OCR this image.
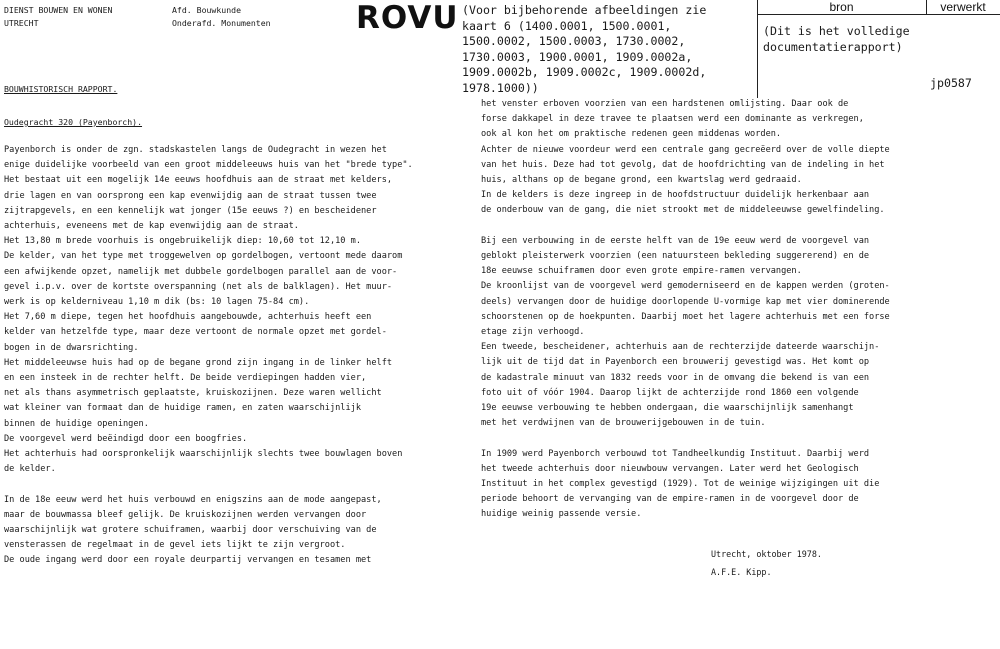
DIENST BOUWEN EN WONEN
UTRECHT
Afd. Bouwkunde
Onderafd. Monumenten	ROVU (Voor bijbehorende afbeeldingen zie
kaart 6 (1400.0001, 1500.0001,
1500.0002, 1500.0003, 1730.0002,
1730.0003, 1900.0001, 1909.0002a,
1909.0002b, 1909.0002c, 1909.0002d,
1978.1000))
bron	verwerkt
(Dit is het volledige
documentatierapport)
jp0587
BOUWHISTORISCH RAPPORT.
Oudegracht 320 (Payenborch).

Payenborch is onder de zgn. stadskastelen langs de Oudegracht in wezen het

enige duidelijke voorbeeld van een groot middeleeuws huis van het "brede type".

Het bestaat uit een mogelijk 14e eeuws hoofdhuis aan de straat met kelders,

drie lagen en van oorsprong een kap evenwijdig aan de straat tussen twee

zijtrapgevels, en een kennelijk wat jonger (15e eeuws ?) en bescheidener

achterhuis, eveneens met de kap evenwijdig aan de straat.

Het 13,80 m brede voorhuis is ongebruikelijk diep: 10,60 tot 12,10 m.

De kelder, van het type met troggewelven op gordelbogen, vertoont mede daarom

een afwijkende opzet, namelijk met dubbele gordelbogen parallel aan de voor-

gevel i.p.v. over de kortste overspanning (net als de balklagen). Het muur-

werk is op kelderniveau 1,10 m dik (bs: 10 lagen 75-84 cm).

Het 7,60 m diepe, tegen het hoofdhuis aangebouwde, achterhuis heeft een

kelder van hetzelfde type, maar deze vertoont de normale opzet met gordel-

bogen in de dwarsrichting.

Het middeleeuwse huis had op de begane grond zijn ingang in de linker helft

en een insteek in de rechter helft. De beide verdiepingen hadden vier,

net als thans asymmetrisch geplaatste, kruiskozijnen. Deze waren wellicht

wat kleiner van formaat dan de huidige ramen, en zaten waarschijnlijk

binnen de huidige openingen.

De voorgevel werd beëindigd door een boogfries.

Het achterhuis had oorspronkelijk waarschijnlijk slechts twee bouwlagen boven

de kelder.

In de 18e eeuw werd het huis verbouwd en enigszins aan de mode aangepast,

maar de bouwmassa bleef gelijk. De kruiskozijnen werden vervangen door

waarschijnlijk wat grotere schuiframen, waarbij door verschuiving van de

vensterassen de regelmaat in de gevel iets lijkt te zijn vergroot.

De oude ingang werd door een royale deurpartij vervangen en tesamen met

het venster erboven voorzien van een hardstenen omlijsting. Daar ook de

forse dakkapel in deze travee te plaatsen werd een dominante as verkregen,

ook al kon het om praktische redenen geen middenas worden.

Achter de nieuwe voordeur werd een centrale gang gecreëerd over de volle diepte

van het huis. Deze had tot gevolg, dat de hoofdrichting van de indeling in het

huis, althans op de begane grond, een kwartslag werd gedraaid.

In de kelders is deze ingreep in de hoofdstructuur duidelijk herkenbaar aan

de onderbouw van de gang, die niet strookt met de middeleeuwse gewelfindeling.

Bij een verbouwing in de eerste helft van de 19e eeuw werd de voorgevel van

geblokt pleisterwerk voorzien (een natuursteen bekleding suggererend) en de

18e eeuwse schuiframen door even grote empire-ramen vervangen.

De kroonlijst van de voorgevel werd gemoderniseerd en de kappen werden (groten-

deels) vervangen door de huidige doorlopende U-vormige kap met vier dominerende

schoorstenen op de hoekpunten. Daarbij moet het lagere achterhuis met een forse

etage zijn verhoogd.

Een tweede, bescheidener, achterhuis aan de rechterzijde dateerde waarschijn-

lijk uit de tijd dat in Payenborch een brouwerij gevestigd was. Het komt op

de kadastrale minuut van 1832 reeds voor in de omvang die bekend is van een

foto uit of vóór 1904. Daarop lijkt de achterzijde rond 1860 een volgende

19e eeuwse verbouwing te hebben ondergaan, die waarschijnlijk samenhangt

met het verdwijnen van de brouwerijgebouwen in de tuin.

In 1909 werd Payenborch verbouwd tot Tandheelkundig Instituut. Daarbij werd

het tweede achterhuis door nieuwbouw vervangen. Later werd het Geologisch

Instituut in het complex gevestigd (1929). Tot de weinige wijzigingen uit die

periode behoort de vervanging van de empire-ramen in de voorgevel door de

huidige weinig passende versie.

Utrecht, oktober 1978.
A.F.E. Kipp.
